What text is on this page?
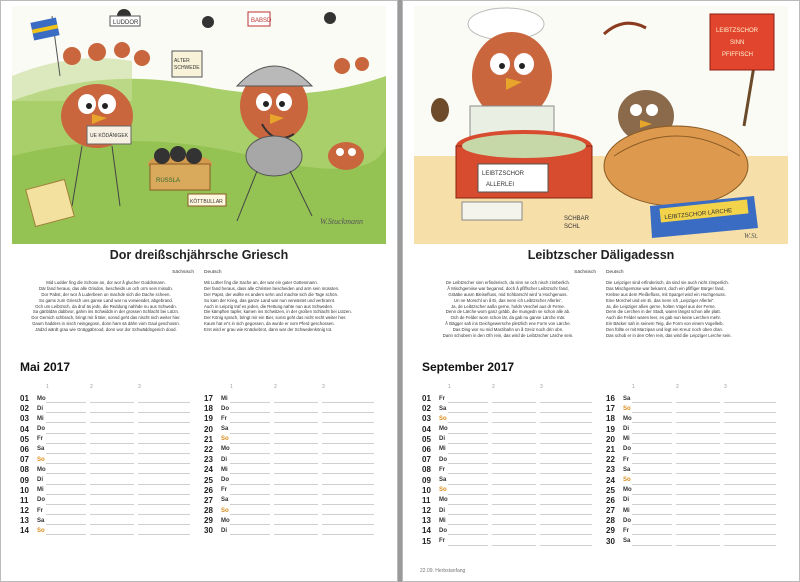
LUDDOR	BABSD
UE KÖDÄNIGEK
ALTER
SCHWEDE
RUSSLA
KÖTTBULLAR
W.Stuckmann
Dor dreißschjährsche Griesch
Sächsisch
Mid Ludder fing die Schose an, dor wor å glucher Goddsmann.
Där fand heraus, das alle Grisdon, bescheidn un och orm sein missdn.
Dor Pabst, der wor å Luderbeen un machde sich die Dache scheen.
So gams zum Griesch uns ganse Land war nu vorwiesdet, abgebrand.
Och um Leibtzsch, da druf äs jedn, die Reddung nahhde nu aus Schwedn.
Sa gänbldän dabbvor, gahm ins Schwiddn in der grossen Schlacht bei Lützn.
Dor Gernich schbrach, bringt mir å Bier, sonsd geht das nischt nich weiter hier.
Gaum hadders in sisch neingegosn, donn ham sä dähn vom Gaul geschossn.
Jädzd wärdt grau wie Gnäggäbrood, donn wor dor Schwäddngenich dood.
Deutsch
Mit Luther fing die Sache an, der war ein guter Gottesmann.
Der fand heraus, dass alle Christen bescheiden und arm sein müssten.
Der Papst, der wollte es anders sehn und machte sich die Tage schön.
So kam der Krieg, das ganze Land war nun verwüstet und verbrannt.
Auch in Leipzig traf es jeden, die Rettung nahte nun aus Schweden.
Die kämpften tapfer, kamen ins Schwitzen, in der großen Schlacht bei Lützen.
Der König sprach, bringt mir ein Bier, sonst geht das nicht recht weiter hier.
Kaum hat er's in sich gegossen, da wurde er vom Pferd geschossen.
Erst wird er grau wie Knäckebrot, dann war der Schwedenkönig tot.
Mai 2017
1	2	3
01 Mo
02 Di
03 Mi
04 Do
05 Fr
06 Sa
07 So
08 Mo
09 Di
10 Mi
11 Do
12 Fr
13 Sa
14 So
1	2	3
17 Mi
18 Do
19 Fr
20 Sa
21 So
22 Mo
23 Di
24 Mi
25 Do
26 Fr
27 Sa
28 So
29 Mo
30 Di
LEIBTZSCHOR
SINN
PFIFFISCH
LEIBTZSCHOR
ALLERLEI
SCHBAR
SCHL
LEIBTZSCHOR LÄRCHE
W.St.
Leibtzscher Däligadessn
Sächsisch
De Leibtzscher sinn erfinderisch, da sinn se och nisch zimberlich.
Å Mischgemiise war begannd, doch å pfiffscher Leibtzschr fand,
Grääbe ausm Bleisefluss, mid Schbarschl wird 'a Hochgenuss.
Un ne Morschl un å Ei, das nenn ich Leibtzscher Allerlei'.
Ja, de Leibtzscher aaßn gerne, holdn Veschel aus dr Ferne.
Denn de Lärche worn ganz gräbb, die mungedn se schon alle ab.
Och de Felder worn schon lär, da gab nu ganne Lärche mär.
Å Bägger sah ins Deichgewersche pletzlich ene Form von Lärche.
Das Ding wor nu mid Marzibahn un å Greiz noch drin obn.
Dann schobern in den Ofn rein, das wird de Leibtzscher Lärche sein.
Deutsch
Die Leipziger sind erfinderisch, da sind sie auch nicht zimperlich.
Das Mischgemüse war bekannt, doch ein pfiffiger Bürger fand,
Krebse aus dem Pleißefluss, mit Spargel wird ein Hochgenuss.
Eine Morchel und ein Ei, das nenn ich „Leipziger Allerlei“.
Ja, die Leipziger aßen gerne, holten Vögel aus der Ferne.
Denn die Lerchen in der Stadt, waren längst schon alle platt.
Auch die Felder waren leer, es gab nun keine Lerchen mehr.
Ein Bäcker sah in seinem Teig, die Form von einem Vogelleib.
Den füllte er mit Marzipan und legt ein Kreuz noch oben dran.
Das schob er in den Ofen rein, das wird die Leipziger Lerche sein.
September 2017
1	2	3
01 Fr
02 Sa
03 So
04 Mo
05 Di
06 Mi
07 Do
08 Fr
09 Sa
10 So
11 Mo
12 Di
13 Mi
14 Do
15 Fr
1	2	3
16 Sa
17 So
18 Mo
19 Di
20 Mi
21 Do
22 Fr
23 Sa
24 So
25 Mo
26 Di
27 Mi
28 Do
29 Fr
30 Sa
22.09. Herbstanfang
